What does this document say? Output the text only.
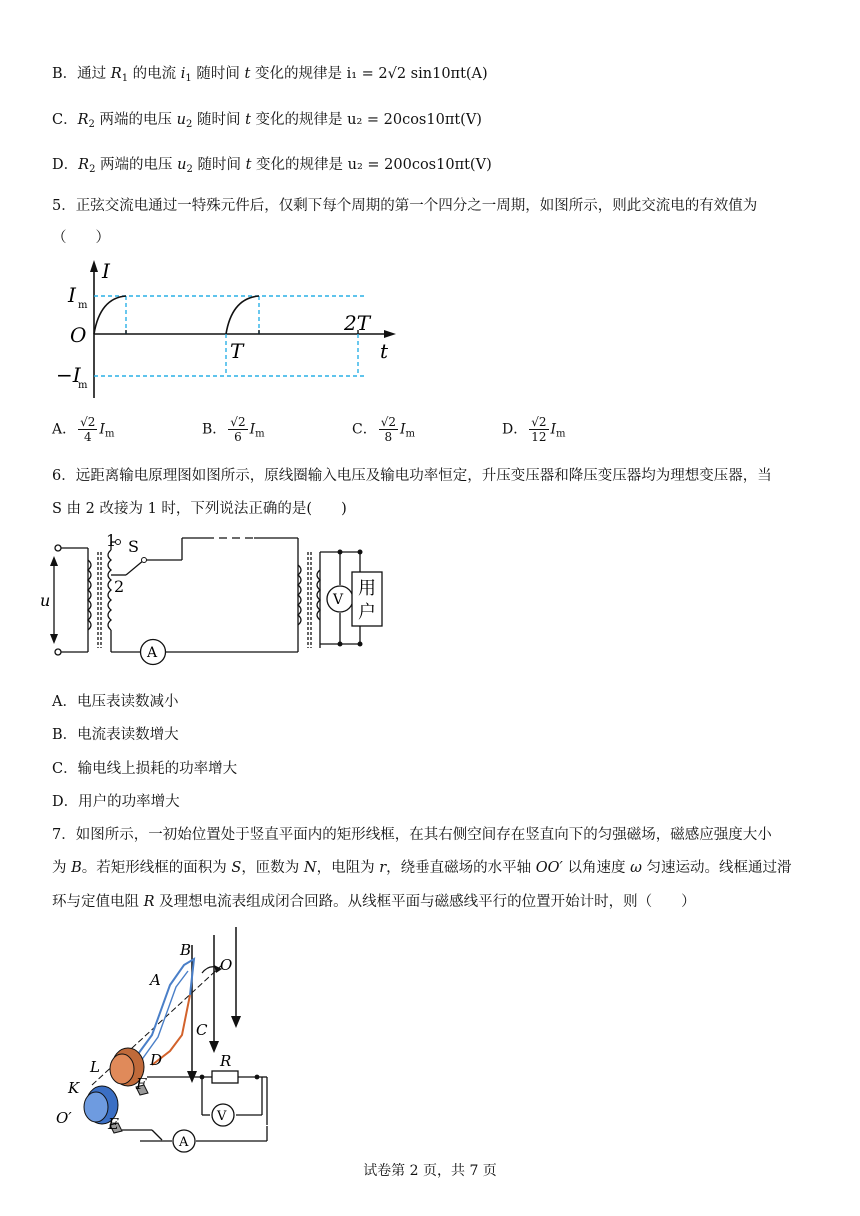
B．通过 $R_1$ 的电流 $i_1$ 随时间 t 变化的规律是 i₁ = 2√2 sin10πt(A)
C．$R_2$ 两端的电压 $u_2$ 随时间 t 变化的规律是 u₂ = 20cos10πt(V)
D．$R_2$ 两端的电压 $u_2$ 随时间 t 变化的规律是 u₂ = 200cos10πt(V)
5．正弦交流电通过一特殊元件后，仅剩下每个周期的第一个四分之一周期，如图所示，则此交流电的有效值为
（　　）
I
t
I m
O
−I
m
T
2T
A． $\frac{√2}{4} I_m$	B． $\frac{√2}{6} I_m$	C． $\frac{√2}{8} I_m$	D． $\frac{√2}{12} I_m$
6．远距离输电原理图如图所示，原线圈输入电压及输电功率恒定，升压变压器和降压变压器均为理想变压器，当
S 由 2 改接为 1 时，下列说法正确的是(　　)
1
2
S
u
A
V
用
户
A．电压表读数减小
B．电流表读数增大
C．输电线上损耗的功率增大
D．用户的功率增大
7．如图所示，一初始位置处于竖直平面内的矩形线框，在其右侧空间存在竖直向下的匀强磁场，磁感应强度大小
为 B。若矩形线框的面积为 S，匝数为 N，电阻为 r，绕垂直磁场的水平轴 OO′ 以角速度 ω 匀速运动。线框通过滑
环与定值电阻 R 及理想电流表组成闭合回路。从线框平面与磁感线平行的位置开始计时，则（　　）
B
A
O
C
D
L
F
K
E
O′
R
V
A
试卷第 2 页，共 7 页
